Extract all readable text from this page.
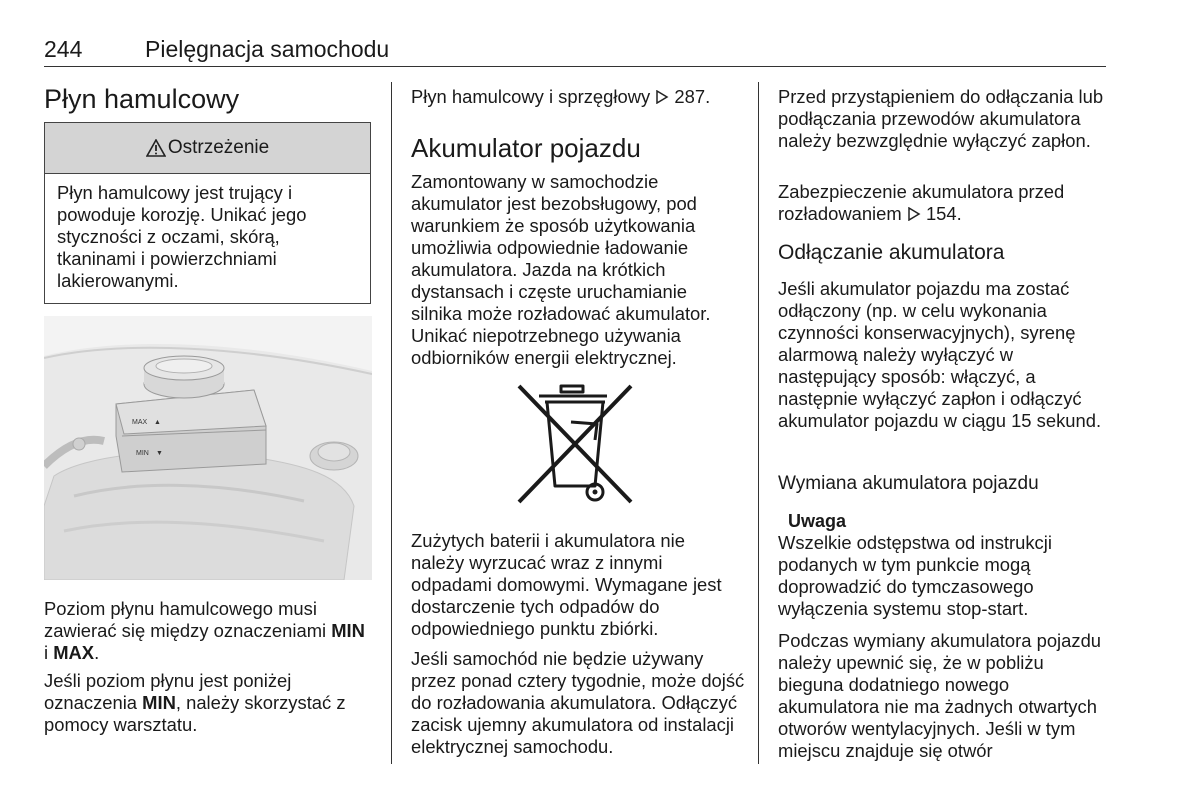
244	Pielęgnacja samochodu
Płyn hamulcowy
Ostrzeżenie
Płyn hamulcowy jest trujący i powoduje korozję. Unikać jego styczności z oczami, skórą, tkaninami i powierzchniami lakierowanymi.
MAX ▲
MIN ▼

Poziom płynu hamulcowego musi zawierać się między oznaczeniami MIN i MAX.

Jeśli poziom płynu jest poniżej oznaczenia MIN, należy skorzystać z pomocy warsztatu.

Płyn hamulcowy i sprzęgłowy 287.

Akumulator pojazdu

Zamontowany w samochodzie akumulator jest bezobsługowy, pod warunkiem że sposób użytkowania umożliwia odpowiednie ładowanie akumulatora. Jazda na krótkich dystansach i częste uruchamianie silnika może rozładować akumulator. Unikać niepotrzebnego używania odbiorników energii elektrycznej.

Zużytych baterii i akumulatora nie należy wyrzucać wraz z innymi odpadami domowymi. Wymagane jest dostarczenie tych odpadów do odpowiedniego punktu zbiórki.

Jeśli samochód nie będzie używany przez ponad cztery tygodnie, może dojść do rozładowania akumulatora. Odłączyć zacisk ujemny akumulatora od instalacji elektrycznej samochodu.

Przed przystąpieniem do odłączania lub podłączania przewodów akumulatora należy bezwzględnie wyłączyć zapłon.

Zabezpieczenie akumulatora przed rozładowaniem 154.

Odłączanie akumulatora

Jeśli akumulator pojazdu ma zostać odłączony (np. w celu wykonania czynności konserwacyjnych), syrenę alarmową należy wyłączyć w następujący sposób: włączyć, a następnie wyłączyć zapłon i odłączyć akumulator pojazdu w ciągu 15 sekund.

Wymiana akumulatora pojazdu
Uwaga

Wszelkie odstępstwa od instrukcji podanych w tym punkcie mogą doprowadzić do tymczasowego wyłączenia systemu stop-start.

Podczas wymiany akumulatora pojazdu należy upewnić się, że w pobliżu bieguna dodatniego nowego akumulatora nie ma żadnych otwartych otworów wentylacyjnych. Jeśli w tym miejscu znajduje się otwór
